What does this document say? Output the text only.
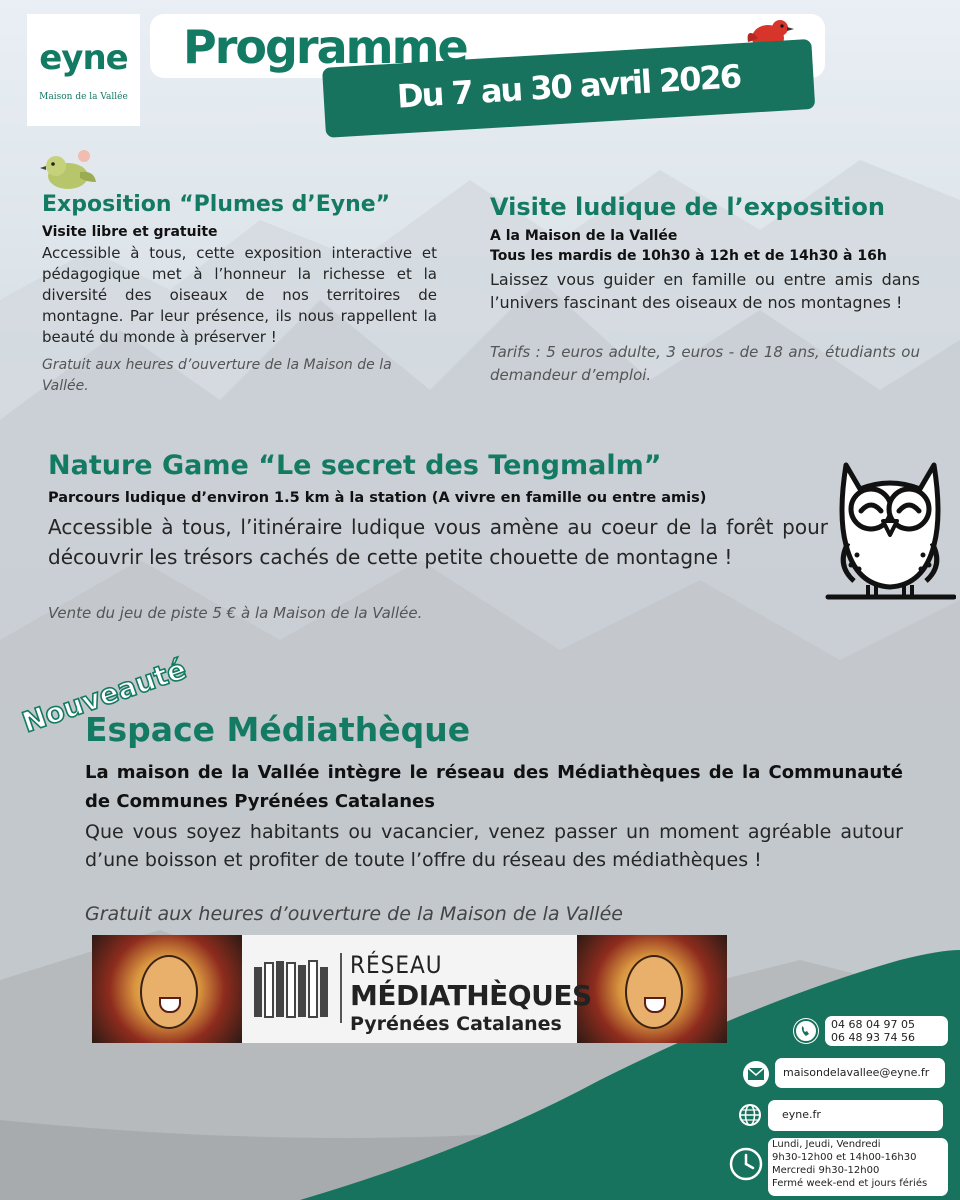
eyne
Maison de la Vallée
Programme
Du 7 au 30 avril 2026
Exposition “Plumes d’Eyne”
Visite libre et gratuite
Accessible à tous, cette exposition interactive et pédagogique met à l’honneur la richesse et la diversité des oiseaux de nos territoires de montagne. Par leur présence, ils nous rappellent la beauté du monde à préserver !
Gratuit aux heures d’ouverture de la Maison de la Vallée.
Visite ludique de l’exposition
A la Maison de la Vallée
Tous les mardis de 10h30 à 12h et de 14h30 à 16h
Laissez vous guider en famille ou entre amis dans l’univers fascinant des oiseaux de nos montagnes !
Tarifs : 5 euros adulte, 3 euros - de 18 ans, étudiants ou demandeur d’emploi.
Nature Game “Le secret des Tengmalm”
Parcours ludique d’environ 1.5 km à la station (A vivre en famille ou entre amis)
Accessible à tous, l’itinéraire ludique vous amène au coeur de la forêt pour découvrir les trésors cachés de cette petite chouette de montagne !
Vente du jeu de piste 5 € à la Maison de la Vallée.
Nouveauté
Espace Médiathèque
La maison de la Vallée intègre le réseau des Médiathèques de la Communauté de Communes Pyrénées Catalanes
Que vous soyez habitants ou vacancier, venez passer un moment agréable autour d’une boisson et profiter de toute l’offre du réseau des médiathèques !
Gratuit aux heures d’ouverture de la Maison de la Vallée
RÉSEAU
MÉDIATHÈQUES
Pyrénées Catalanes	04 68 04 97 05
06 48 93 74 56
maisondelavallee@eyne.fr
eyne.fr
Lundi, Jeudi, Vendredi
9h30-12h00 et 14h00-16h30
Mercredi 9h30-12h00
Fermé week-end et jours fériés
